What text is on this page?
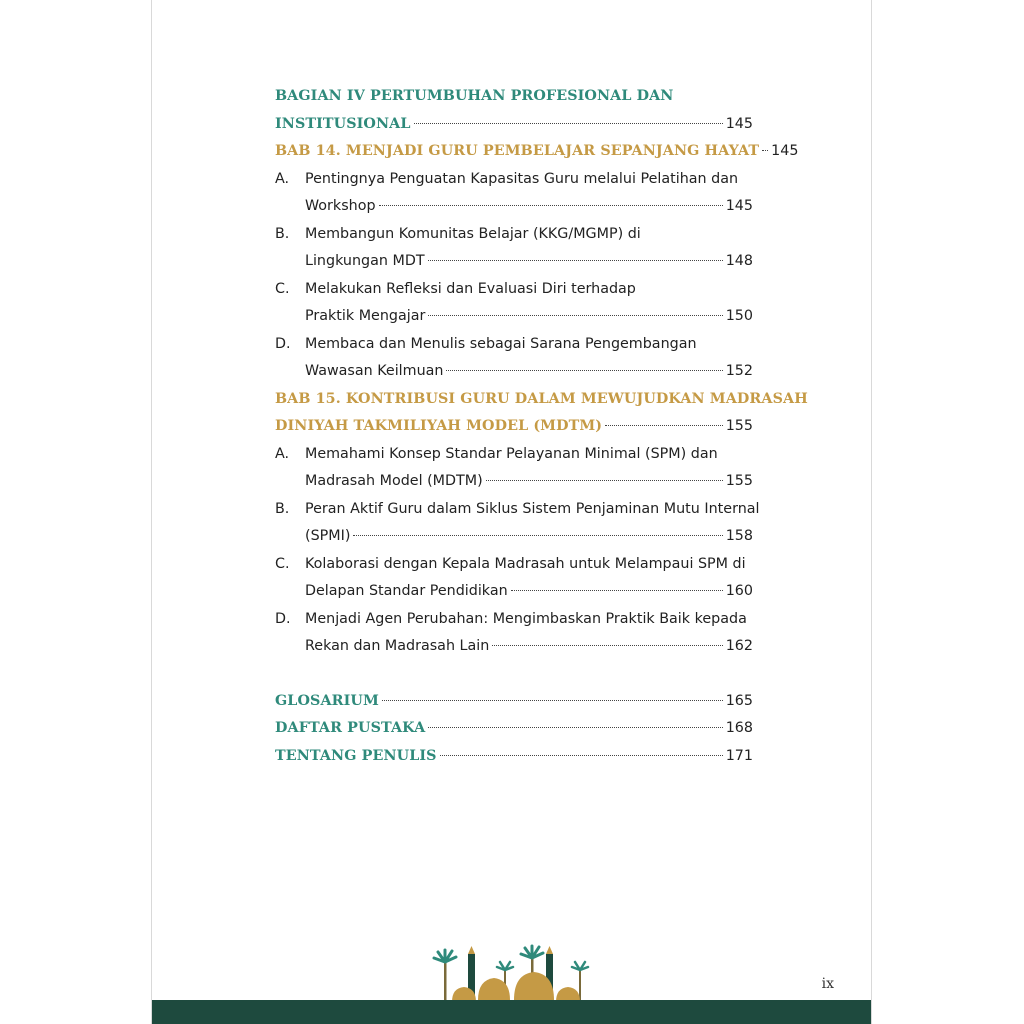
BAGIAN IV PERTUMBUHAN PROFESIONAL DAN
INSTITUSIONAL	145
BAB 14. MENJADI GURU PEMBELAJAR SEPANJANG HAYAT 145
A.	Pentingnya Penguatan Kapasitas Guru melalui Pelatihan dan
Workshop	145
B.	Membangun Komunitas Belajar (KKG/MGMP) di
Lingkungan MDT	148
C.	Melakukan Refleksi dan Evaluasi Diri terhadap
Praktik Mengajar	150
D.	Membaca dan Menulis sebagai Sarana Pengembangan
Wawasan Keilmuan	152
BAB 15. KONTRIBUSI GURU DALAM MEWUJUDKAN MADRASAH
DINIYAH TAKMILIYAH MODEL (MDTM)	155
A.	Memahami Konsep Standar Pelayanan Minimal (SPM) dan
Madrasah Model (MDTM)	155
B.	Peran Aktif Guru dalam Siklus Sistem Penjaminan Mutu Internal
(SPMI)	158
C.	Kolaborasi dengan Kepala Madrasah untuk Melampaui SPM di
Delapan Standar Pendidikan	160
D.	Menjadi Agen Perubahan: Mengimbaskan Praktik Baik kepada
Rekan dan Madrasah Lain	162
GLOSARIUM	165
DAFTAR PUSTAKA	168
TENTANG PENULIS	171
ix
